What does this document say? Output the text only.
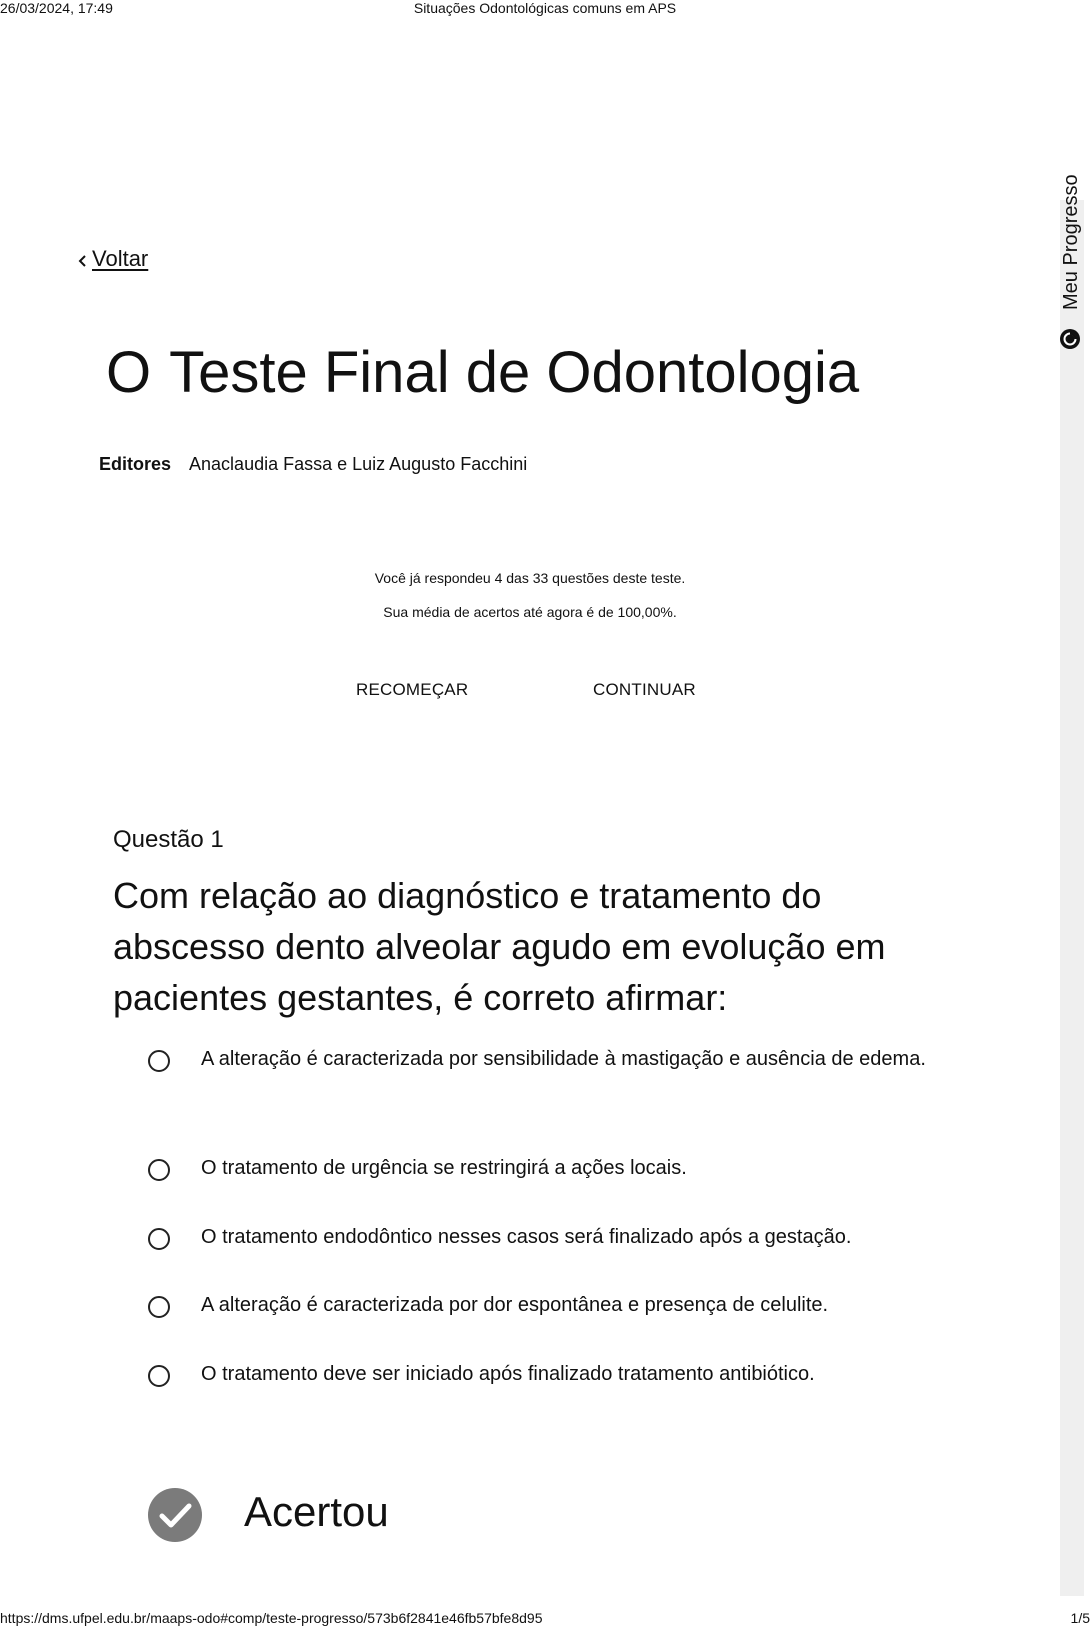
26/03/2024, 17:49	Situações Odontológicas comuns em APS
Meu Progresso
Voltar
O Teste Final de Odontologia
Editores Anaclaudia Fassa e Luiz Augusto Facchini
Você já respondeu 4 das 33 questões deste teste.
Sua média de acertos até agora é de 100,00%.
RECOMEÇAR	CONTINUAR
Questão 1
Com relação ao diagnóstico e tratamento do abscesso dento alveolar agudo em evolução em pacientes gestantes, é correto afirmar:
A alteração é caracterizada por sensibilidade à mastigação e ausência de edema.
O tratamento de urgência se restringirá a ações locais.
O tratamento endodôntico nesses casos será finalizado após a gestação.
A alteração é caracterizada por dor espontânea e presença de celulite.
O tratamento deve ser iniciado após finalizado tratamento antibiótico.
Acertou
https://dms.ufpel.edu.br/maaps-odo#comp/teste-progresso/573b6f2841e46fb57bfe8d95	1/5
